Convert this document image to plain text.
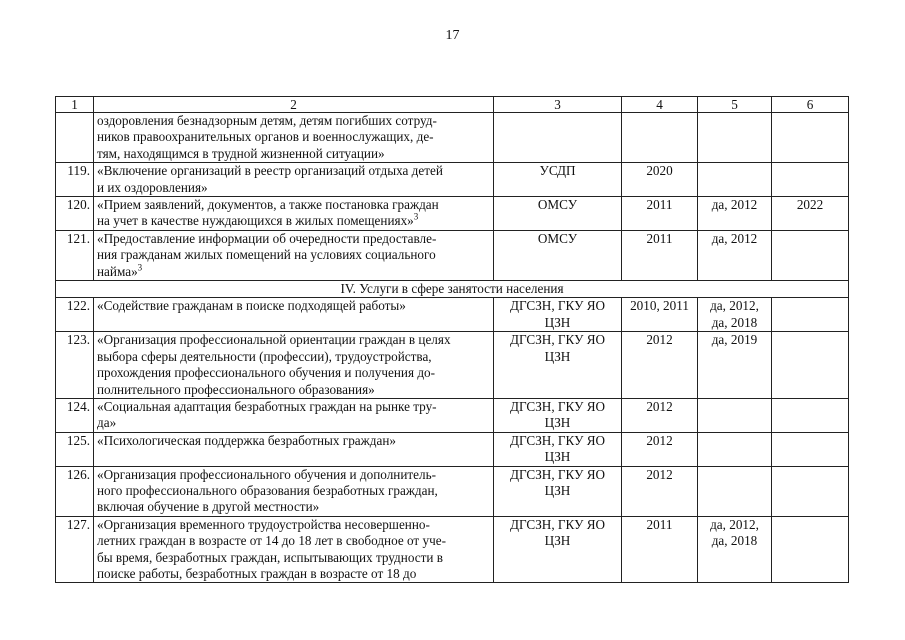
17
1	2	3	4	5	6

	оздоровления безнадзорным детям, детям погибших сотруд-
ников правоохранительных органов и военнослужащих, де-
тям, находящимся в трудной жизненной ситуации»				

119.	«Включение организаций в реестр организаций отдыха детей
и их оздоровления»	УСДП	2020		
120.	«Прием заявлений, документов, а также постановка граждан
на учет в качестве нуждающихся в жилых помещениях»$^3$	ОМСУ	2011	да, 2012	2022
121.	«Предоставление информации об очередности предоставле-
ния гражданам жилых помещений на условиях социального
найма»$^3$	ОМСУ	2011	да, 2012	

IV. Услуги в сфере занятости населения					
122.	«Содействие гражданам в поиске подходящей работы»	ДГСЗН, ГКУ ЯО
ЦЗН	2010, 2011	да, 2012,
да, 2018	

123.	«Организация профессиональной ориентации граждан в целях
выбора сферы деятельности (профессии), трудоустройства,
прохождения профессионального обучения и получения до-
полнительного профессионального образования»	ДГСЗН, ГКУ ЯО
ЦЗН	2012	да, 2019	

124.	«Социальная адаптация безработных граждан на рынке тру-
да»	ДГСЗН, ГКУ ЯО
ЦЗН	2012		
125.	«Психологическая поддержка безработных граждан»	ДГСЗН, ГКУ ЯО
ЦЗН	2012		
126.	«Организация профессионального обучения и дополнитель-
ного профессионального образования безработных граждан,
включая обучение в другой местности»	ДГСЗН, ГКУ ЯО
ЦЗН	2012		
127.	«Организация временного трудоустройства несовершенно-
летних граждан в возрасте от 14 до 18 лет в свободное от уче-
бы время, безработных граждан, испытывающих трудности в
поиске работы, безработных граждан в возрасте от 18 до	ДГСЗН, ГКУ ЯО
ЦЗН	2011	да, 2012,
да, 2018	
